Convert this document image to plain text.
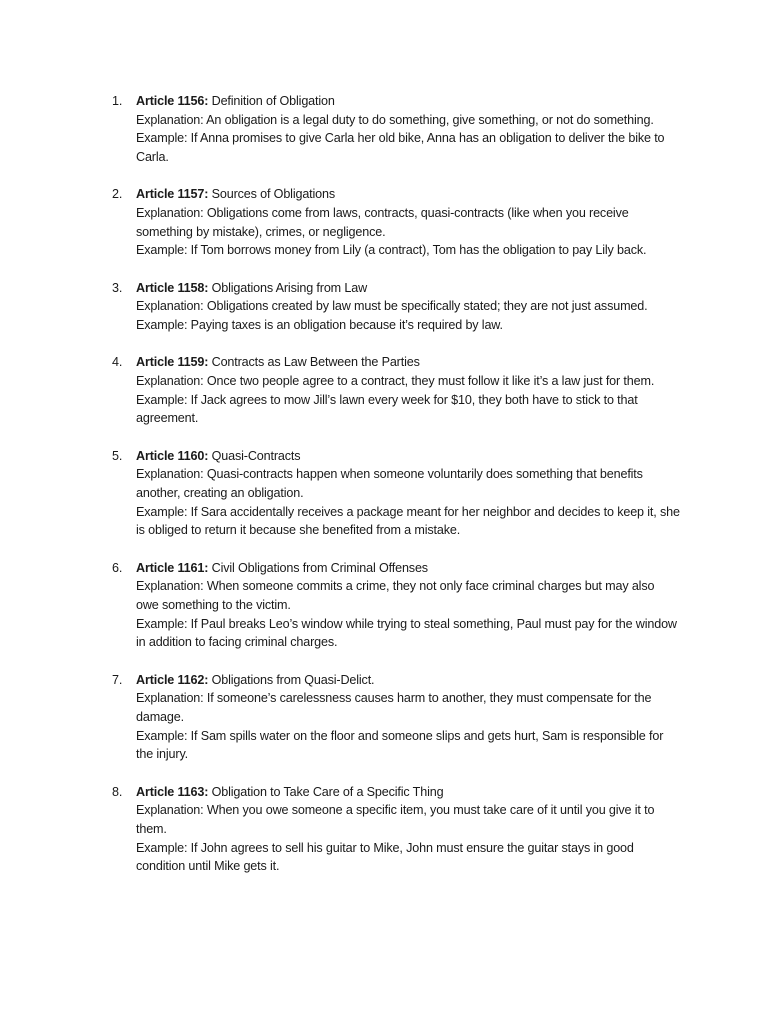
1. Article 1156: Definition of Obligation
Explanation: An obligation is a legal duty to do something, give something, or not do something.
Example: If Anna promises to give Carla her old bike, Anna has an obligation to deliver the bike to Carla.
2. Article 1157: Sources of Obligations
Explanation: Obligations come from laws, contracts, quasi-contracts (like when you receive something by mistake), crimes, or negligence.
Example: If Tom borrows money from Lily (a contract), Tom has the obligation to pay Lily back.
3. Article 1158: Obligations Arising from Law
Explanation: Obligations created by law must be specifically stated; they are not just assumed.
Example: Paying taxes is an obligation because it’s required by law.
4. Article 1159: Contracts as Law Between the Parties
Explanation: Once two people agree to a contract, they must follow it like it’s a law just for them.
Example: If Jack agrees to mow Jill’s lawn every week for $10, they both have to stick to that agreement.
5. Article 1160: Quasi-Contracts
Explanation: Quasi-contracts happen when someone voluntarily does something that benefits another, creating an obligation.
Example: If Sara accidentally receives a package meant for her neighbor and decides to keep it, she is obliged to return it because she benefited from a mistake.
6. Article 1161: Civil Obligations from Criminal Offenses
Explanation: When someone commits a crime, they not only face criminal charges but may also owe something to the victim.
Example: If Paul breaks Leo’s window while trying to steal something, Paul must pay for the window in addition to facing criminal charges.
7. Article 1162: Obligations from Quasi-Delict.
Explanation: If someone’s carelessness causes harm to another, they must compensate for the damage.
Example: If Sam spills water on the floor and someone slips and gets hurt, Sam is responsible for the injury.
8. Article 1163: Obligation to Take Care of a Specific Thing
Explanation: When you owe someone a specific item, you must take care of it until you give it to them.
Example: If John agrees to sell his guitar to Mike, John must ensure the guitar stays in good condition until Mike gets it.
